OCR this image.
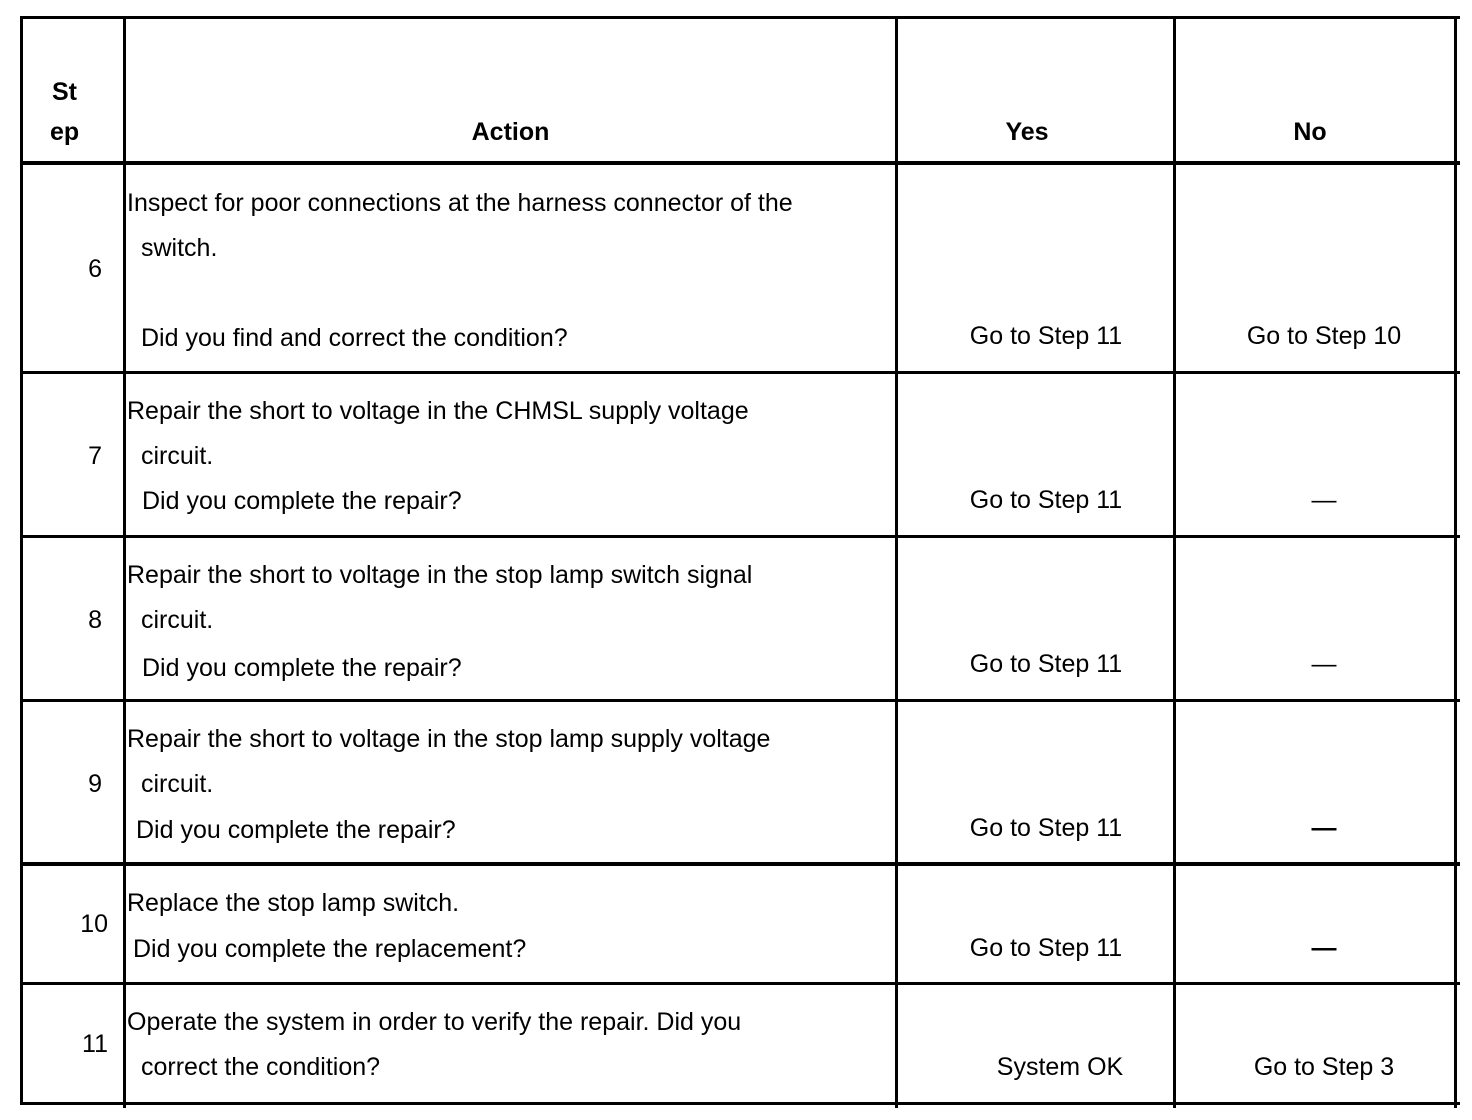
St
ep	Action	Yes	No
6
Inspect for poor connections at the harness connector of the
switch.
Did you find and correct the condition?	Go to Step 11	Go to Step 10
7
Repair the short to voltage in the CHMSL supply voltage
circuit.
Did you complete the repair?	Go to Step 11	—
8
Repair the short to voltage in the stop lamp switch signal
circuit.
Did you complete the repair?	Go to Step 11	—
9
Repair the short to voltage in the stop lamp supply voltage
circuit.
Did you complete the repair?	Go to Step 11	—
10
Replace the stop lamp switch.
Did you complete the replacement?	Go to Step 11	—
11
Operate the system in order to verify the repair. Did you
correct the condition?	System OK	Go to Step 3
